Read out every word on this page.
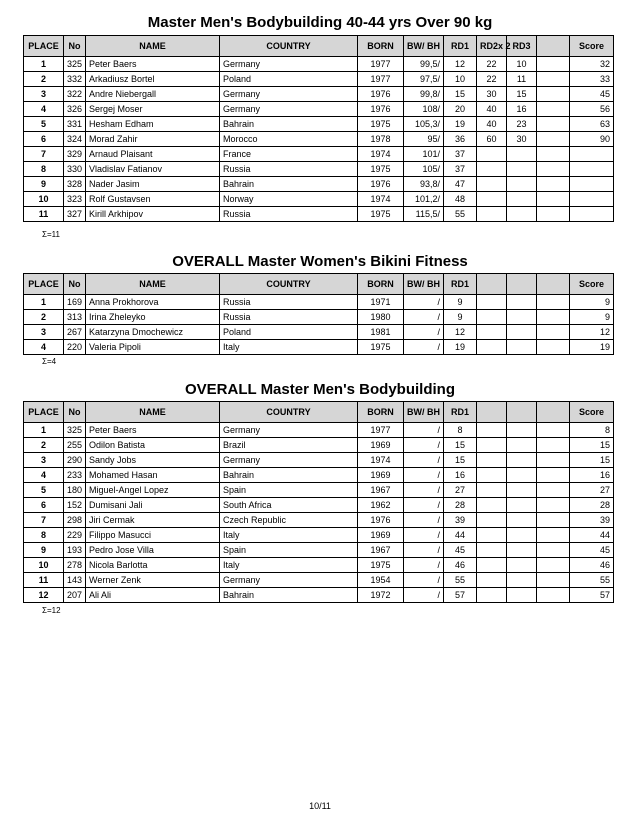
Master Men's Bodybuilding 40-44 yrs Over 90 kg
PLACE	No	NAME	COUNTRY	BORN	BW/ BH	RD1	RD2x 2	RD3		Score
1	325	Peter Baers	Germany	1977	99,5/	12	22	10		32
2	332	Arkadiusz Bortel	Poland	1977	97,5/	10	22	11		33
3	322	Andre Niebergall	Germany	1976	99,8/	15	30	15		45
4	326	Sergej Moser	Germany	1976	108/	20	40	16		56
5	331	Hesham Edham	Bahrain	1975	105,3/	19	40	23		63
6	324	Morad Zahir	Morocco	1978	95/	36	60	30		90
7	329	Arnaud Plaisant	France	1974	101/	37				
8	330	Vladislav Fatianov	Russia	1975	105/	37				
9	328	Nader Jasim	Bahrain	1976	93,8/	47				
10	323	Rolf Gustavsen	Norway	1974	101,2/	48				
11	327	Kirill Arkhipov	Russia	1975	115,5/	55				
Σ=11
OVERALL Master Women's Bikini Fitness
PLACE	No	NAME	COUNTRY	BORN	BW/ BH	RD1				Score
1	169	Anna Prokhorova	Russia	1971	/	9				9
2	313	Irina Zheleyko	Russia	1980	/	9				9
3	267	Katarzyna Dmochewicz	Poland	1981	/	12				12
4	220	Valeria Pipoli	Italy	1975	/	19				19
Σ=4
OVERALL Master Men's Bodybuilding
PLACE	No	NAME	COUNTRY	BORN	BW/ BH	RD1				Score
1	325	Peter Baers	Germany	1977	/	8				8
2	255	Odilon Batista	Brazil	1969	/	15				15
3	290	Sandy Jobs	Germany	1974	/	15				15
4	233	Mohamed Hasan	Bahrain	1969	/	16				16
5	180	Miguel-Angel Lopez	Spain	1967	/	27				27
6	152	Dumisani Jali	South Africa	1962	/	28				28
7	298	Jiri Cermak	Czech Republic	1976	/	39				39
8	229	Filippo Masucci	Italy	1969	/	44				44
9	193	Pedro Jose Villa	Spain	1967	/	45				45
10	278	Nicola Barlotta	Italy	1975	/	46				46
11	143	Werner Zenk	Germany	1954	/	55				55
12	207	Ali Ali	Bahrain	1972	/	57				57
Σ=12
10/11
